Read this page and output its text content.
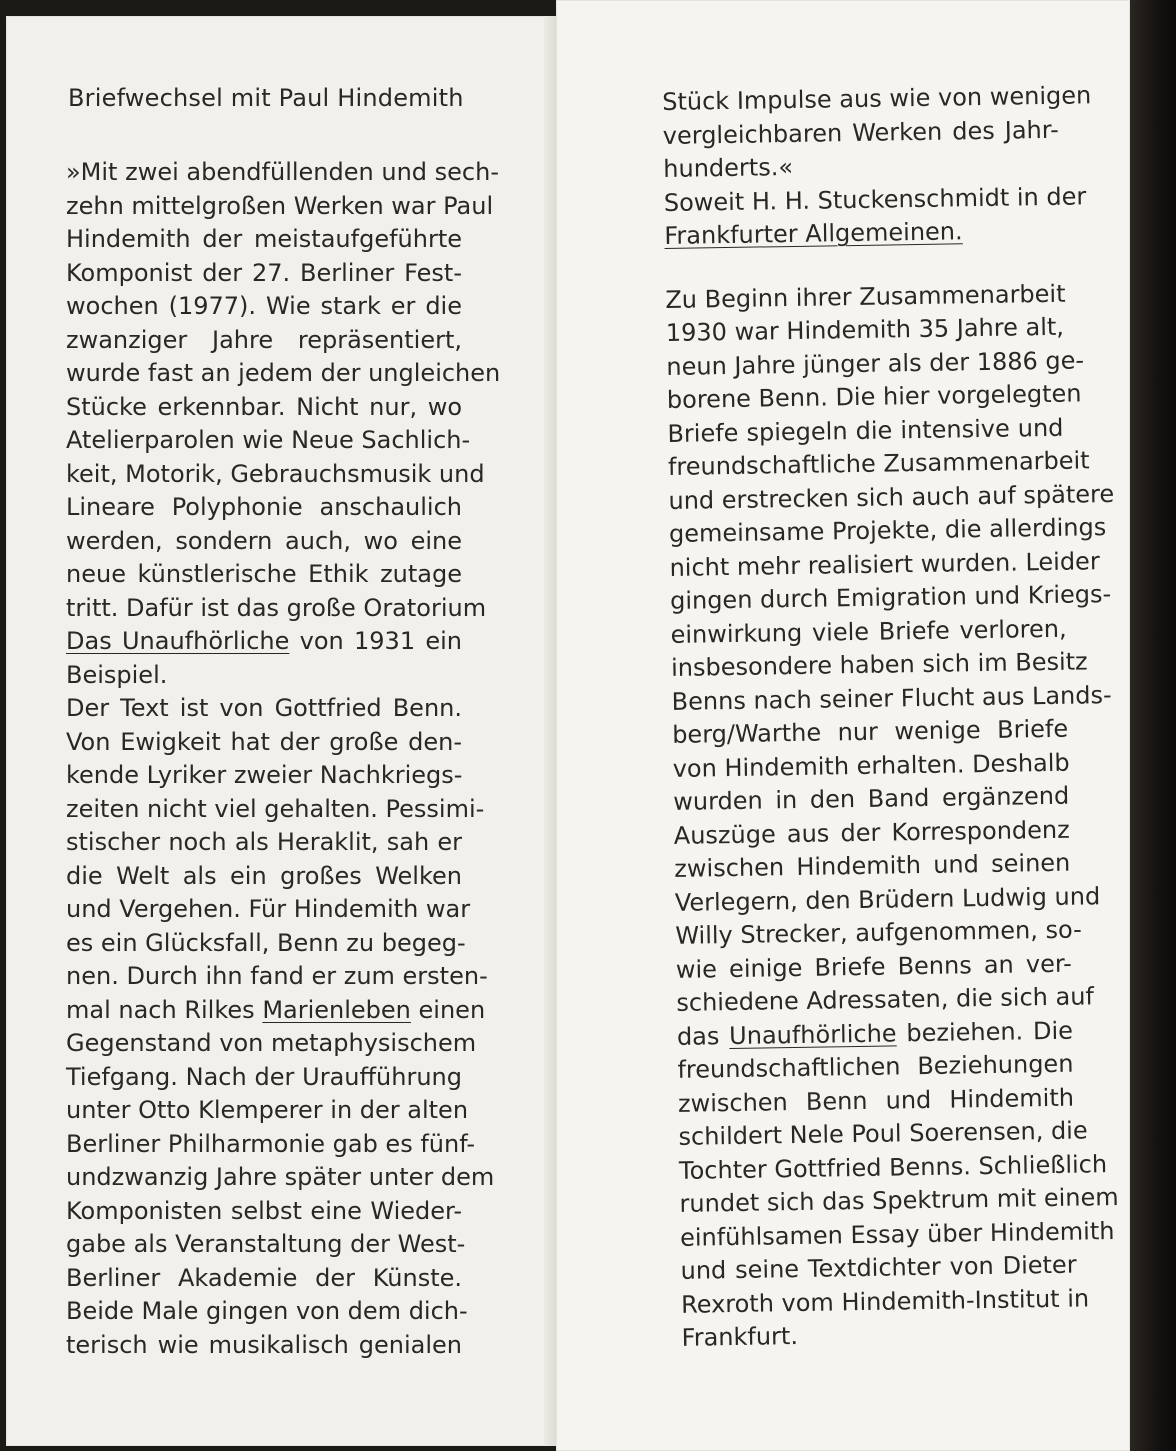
Briefwechsel mit Paul Hindemith
»Mit zwei abendfüllenden und sech-
zehn mittelgroßen Werken war Paul
Hindemith der meistaufgeführte
Komponist der 27. Berliner Fest-
wochen (1977). Wie stark er die
zwanziger Jahre repräsentiert,
wurde fast an jedem der ungleichen
Stücke erkennbar. Nicht nur, wo
Atelierparolen wie Neue Sachlich-
keit, Motorik, Gebrauchsmusik und
Lineare Polyphonie anschaulich
werden, sondern auch, wo eine
neue künstlerische Ethik zutage
tritt. Dafür ist das große Oratorium
Das Unaufhörliche von 1931 ein
Beispiel.
Der Text ist von Gottfried Benn.
Von Ewigkeit hat der große den-
kende Lyriker zweier Nachkriegs-
zeiten nicht viel gehalten. Pessimi-
stischer noch als Heraklit, sah er
die Welt als ein großes Welken
und Vergehen. Für Hindemith war
es ein Glücksfall, Benn zu begeg-
nen. Durch ihn fand er zum ersten-
mal nach Rilkes Marienleben einen
Gegenstand von metaphysischem
Tiefgang. Nach der Uraufführung
unter Otto Klemperer in der alten
Berliner Philharmonie gab es fünf-
undzwanzig Jahre später unter dem
Komponisten selbst eine Wieder-
gabe als Veranstaltung der West-
Berliner Akademie der Künste.
Beide Male gingen von dem dich-
terisch wie musikalisch genialen
Stück Impulse aus wie von wenigen
vergleichbaren Werken des Jahr-
hunderts.«
Soweit H. H. Stuckenschmidt in der
Frankfurter Allgemeinen.
Zu Beginn ihrer Zusammenarbeit
1930 war Hindemith 35 Jahre alt,
neun Jahre jünger als der 1886 ge-
borene Benn. Die hier vorgelegten
Briefe spiegeln die intensive und
freundschaftliche Zusammenarbeit
und erstrecken sich auch auf spätere
gemeinsame Projekte, die allerdings
nicht mehr realisiert wurden. Leider
gingen durch Emigration und Kriegs-
einwirkung viele Briefe verloren,
insbesondere haben sich im Besitz
Benns nach seiner Flucht aus Lands-
berg/Warthe nur wenige Briefe
von Hindemith erhalten. Deshalb
wurden in den Band ergänzend
Auszüge aus der Korrespondenz
zwischen Hindemith und seinen
Verlegern, den Brüdern Ludwig und
Willy Strecker, aufgenommen, so-
wie einige Briefe Benns an ver-
schiedene Adressaten, die sich auf
das Unaufhörliche beziehen. Die
freundschaftlichen Beziehungen
zwischen Benn und Hindemith
schildert Nele Poul Soerensen, die
Tochter Gottfried Benns. Schließlich
rundet sich das Spektrum mit einem
einfühlsamen Essay über Hindemith
und seine Textdichter von Dieter
Rexroth vom Hindemith-Institut in
Frankfurt.
